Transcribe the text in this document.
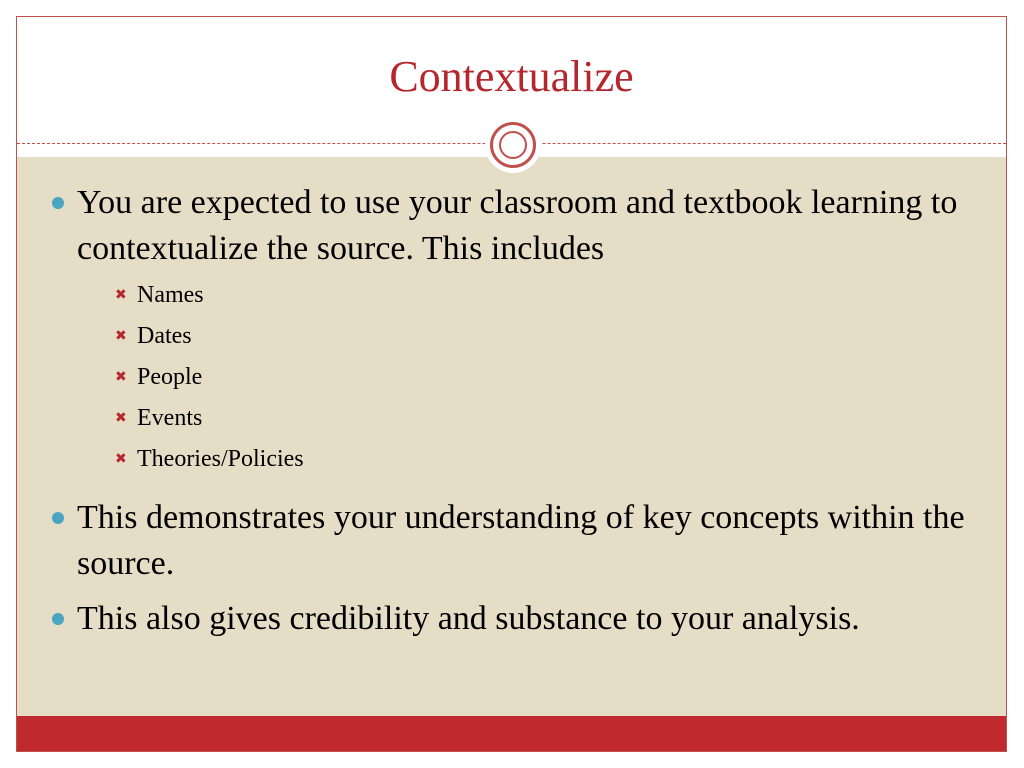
Contextualize
You are expected to use your classroom and textbook learning to contextualize the source. This includes
✖ Names
✖ Dates
✖ People
✖ Events
✖ Theories/Policies
This demonstrates your understanding of key concepts within the source.
This also gives credibility and substance to your analysis.
